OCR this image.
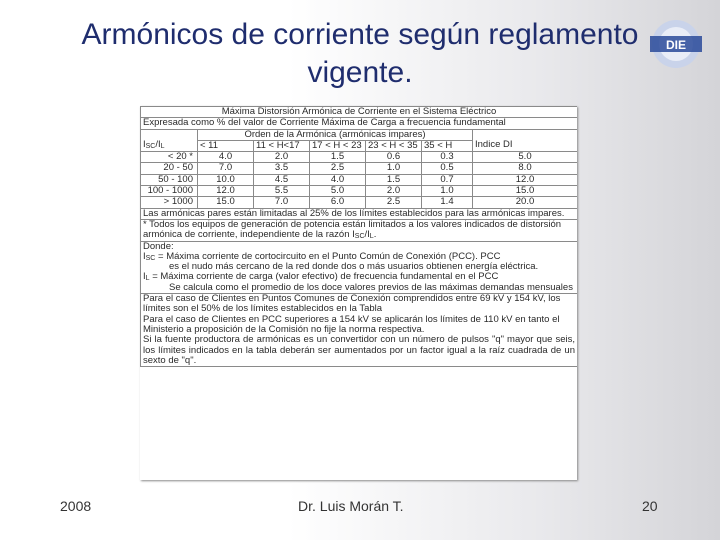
Armónicos de corriente según reglamento
vigente.
DIE
Máxima Distorsión Armónica de Corriente en el Sistema Eléctrico						
Expresada como % del valor de Corriente Máxima de Carga a frecuencia fundamental						
	Orden de la Armónica (armónicas impares)					
$I_{SC}/I_L$	< 11	11 < H<17	17 < H < 23	23 < H < 35	35 < H	Índice DI
< 20 *	4.0	2.0	1.5	0.6	0.3	5.0
20 - 50	7.0	3.5	2.5	1.0	0.5	8.0
50 - 100	10.0	4.5	4.0	1.5	0.7	12.0
100 - 1000	12.0	5.5	5.0	2.0	1.0	15.0
> 1000	15.0	7.0	6.0	2.5	1.4	20.0
Las armónicas pares están limitadas al 25% de los límites establecidos para las armónicas impares.						
* Todos los equipos de generación de potencia están limitados a los valores indicados de distorsión armónica de corriente, independiente de la razón $I_{SC}/I_L$.						
Donde:
$I_{SC}$ = Máxima corriente de cortocircuito en el Punto Común de Conexión (PCC). PCC
es el nudo más cercano de la red donde dos o más usuarios obtienen energía eléctrica.
$I_L$ = Máxima corriente de carga (valor efectivo) de frecuencia fundamental en el PCC
Se calcula como el promedio de los doce valores previos de las máximas demandas mensuales						

Para el caso de Clientes en Puntos Comunes de Conexión comprendidos entre 69 kV y 154 kV, los límites son el 50% de los límites establecidos en la Tabla
Para el caso de Clientes en PCC superiores a 154 kV se aplicarán los límites de 110 kV en tanto el Ministerio a proposición de la Comisión no fije la norma respectiva.

Si la fuente productora de armónicas es un convertidor con un número de pulsos "q" mayor que seis, los límites indicados en la tabla deberán ser aumentados por un factor igual a la raíz cuadrada de un sexto de "q".						
2008	Dr. Luis Morán T.	20
